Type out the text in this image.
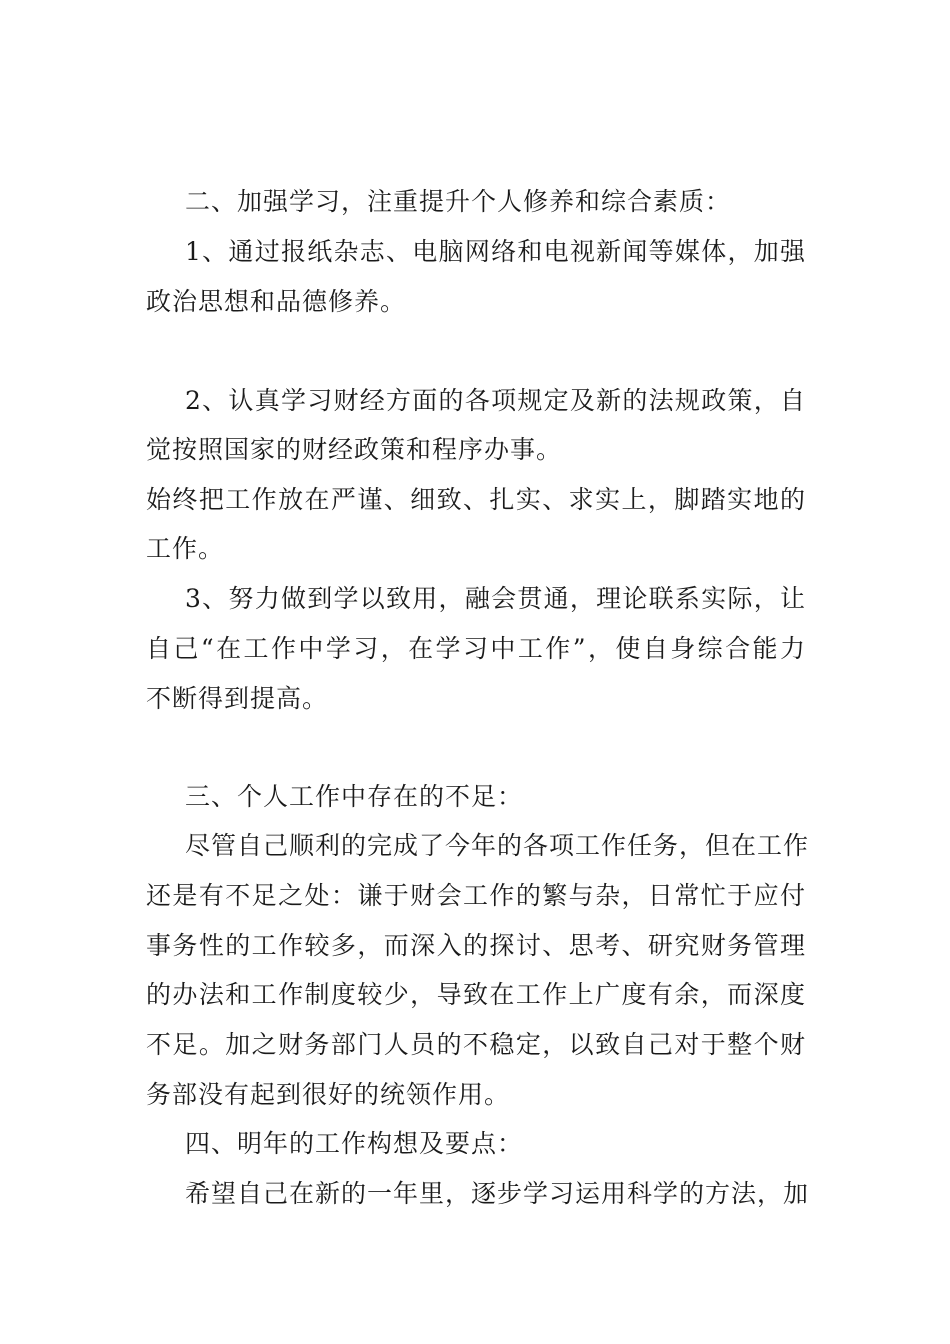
二、加强学习，注重提升个人修养和综合素质：

1、通过报纸杂志、电脑网络和电视新闻等媒体，加强

政治思想和品德修养。

2、认真学习财经方面的各项规定及新的法规政策，自

觉按照国家的财经政策和程序办事。

始终把工作放在严谨、细致、扎实、求实上，脚踏实地的

工作。

3、努力做到学以致用，融会贯通，理论联系实际，让

自己“在工作中学习，在学习中工作”，使自身综合能力

不断得到提高。

三、个人工作中存在的不足：

尽管自己顺利的完成了今年的各项工作任务，但在工作

还是有不足之处：谦于财会工作的繁与杂，日常忙于应付

事务性的工作较多，而深入的探讨、思考、研究财务管理

的办法和工作制度较少，导致在工作上广度有余，而深度

不足。加之财务部门人员的不稳定，以致自己对于整个财

务部没有起到很好的统领作用。

四、明年的工作构想及要点：

希望自己在新的一年里，逐步学习运用科学的方法，加
